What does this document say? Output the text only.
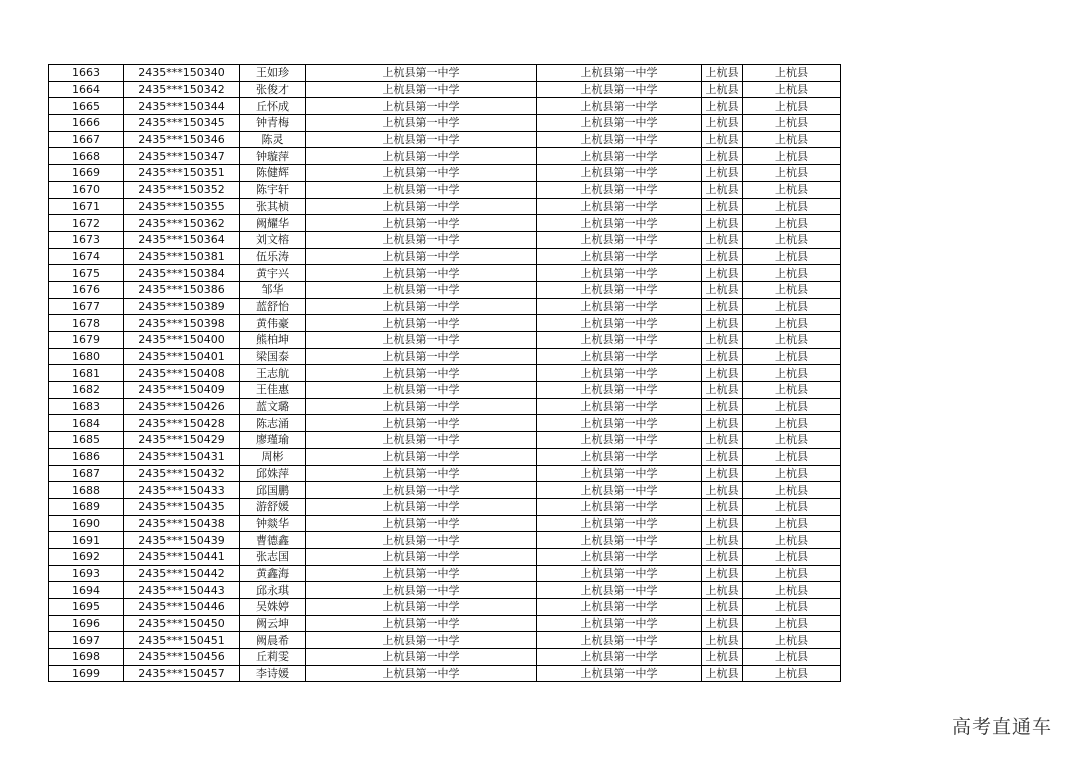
1663	2435***150340	王如珍	上杭县第一中学	上杭县第一中学	上杭县	上杭县
1664	2435***150342	张俊才	上杭县第一中学	上杭县第一中学	上杭县	上杭县
1665	2435***150344	丘怀成	上杭县第一中学	上杭县第一中学	上杭县	上杭县
1666	2435***150345	钟青梅	上杭县第一中学	上杭县第一中学	上杭县	上杭县
1667	2435***150346	陈灵	上杭县第一中学	上杭县第一中学	上杭县	上杭县
1668	2435***150347	钟璇萍	上杭县第一中学	上杭县第一中学	上杭县	上杭县
1669	2435***150351	陈健辉	上杭县第一中学	上杭县第一中学	上杭县	上杭县
1670	2435***150352	陈宇轩	上杭县第一中学	上杭县第一中学	上杭县	上杭县
1671	2435***150355	张其桢	上杭县第一中学	上杭县第一中学	上杭县	上杭县
1672	2435***150362	阙耀华	上杭县第一中学	上杭县第一中学	上杭县	上杭县
1673	2435***150364	刘文榕	上杭县第一中学	上杭县第一中学	上杭县	上杭县
1674	2435***150381	伍乐涛	上杭县第一中学	上杭县第一中学	上杭县	上杭县
1675	2435***150384	黄宇兴	上杭县第一中学	上杭县第一中学	上杭县	上杭县
1676	2435***150386	邹华	上杭县第一中学	上杭县第一中学	上杭县	上杭县
1677	2435***150389	蓝舒怡	上杭县第一中学	上杭县第一中学	上杭县	上杭县
1678	2435***150398	黄伟豪	上杭县第一中学	上杭县第一中学	上杭县	上杭县
1679	2435***150400	熊柏坤	上杭县第一中学	上杭县第一中学	上杭县	上杭县
1680	2435***150401	梁国泰	上杭县第一中学	上杭县第一中学	上杭县	上杭县
1681	2435***150408	王志航	上杭县第一中学	上杭县第一中学	上杭县	上杭县
1682	2435***150409	王佳惠	上杭县第一中学	上杭县第一中学	上杭县	上杭县
1683	2435***150426	蓝文璐	上杭县第一中学	上杭县第一中学	上杭县	上杭县
1684	2435***150428	陈志涌	上杭县第一中学	上杭县第一中学	上杭县	上杭县
1685	2435***150429	廖瑾瑜	上杭县第一中学	上杭县第一中学	上杭县	上杭县
1686	2435***150431	周彬	上杭县第一中学	上杭县第一中学	上杭县	上杭县
1687	2435***150432	邱姝萍	上杭县第一中学	上杭县第一中学	上杭县	上杭县
1688	2435***150433	邱国鹏	上杭县第一中学	上杭县第一中学	上杭县	上杭县
1689	2435***150435	游舒媛	上杭县第一中学	上杭县第一中学	上杭县	上杭县
1690	2435***150438	钟燚华	上杭县第一中学	上杭县第一中学	上杭县	上杭县
1691	2435***150439	曹德鑫	上杭县第一中学	上杭县第一中学	上杭县	上杭县
1692	2435***150441	张志国	上杭县第一中学	上杭县第一中学	上杭县	上杭县
1693	2435***150442	黄鑫海	上杭县第一中学	上杭县第一中学	上杭县	上杭县
1694	2435***150443	邱永琪	上杭县第一中学	上杭县第一中学	上杭县	上杭县
1695	2435***150446	吴姝婷	上杭县第一中学	上杭县第一中学	上杭县	上杭县
1696	2435***150450	阙云坤	上杭县第一中学	上杭县第一中学	上杭县	上杭县
1697	2435***150451	阙晨希	上杭县第一中学	上杭县第一中学	上杭县	上杭县
1698	2435***150456	丘莉雯	上杭县第一中学	上杭县第一中学	上杭县	上杭县
1699	2435***150457	李诗媛	上杭县第一中学	上杭县第一中学	上杭县	上杭县
高考直通车
